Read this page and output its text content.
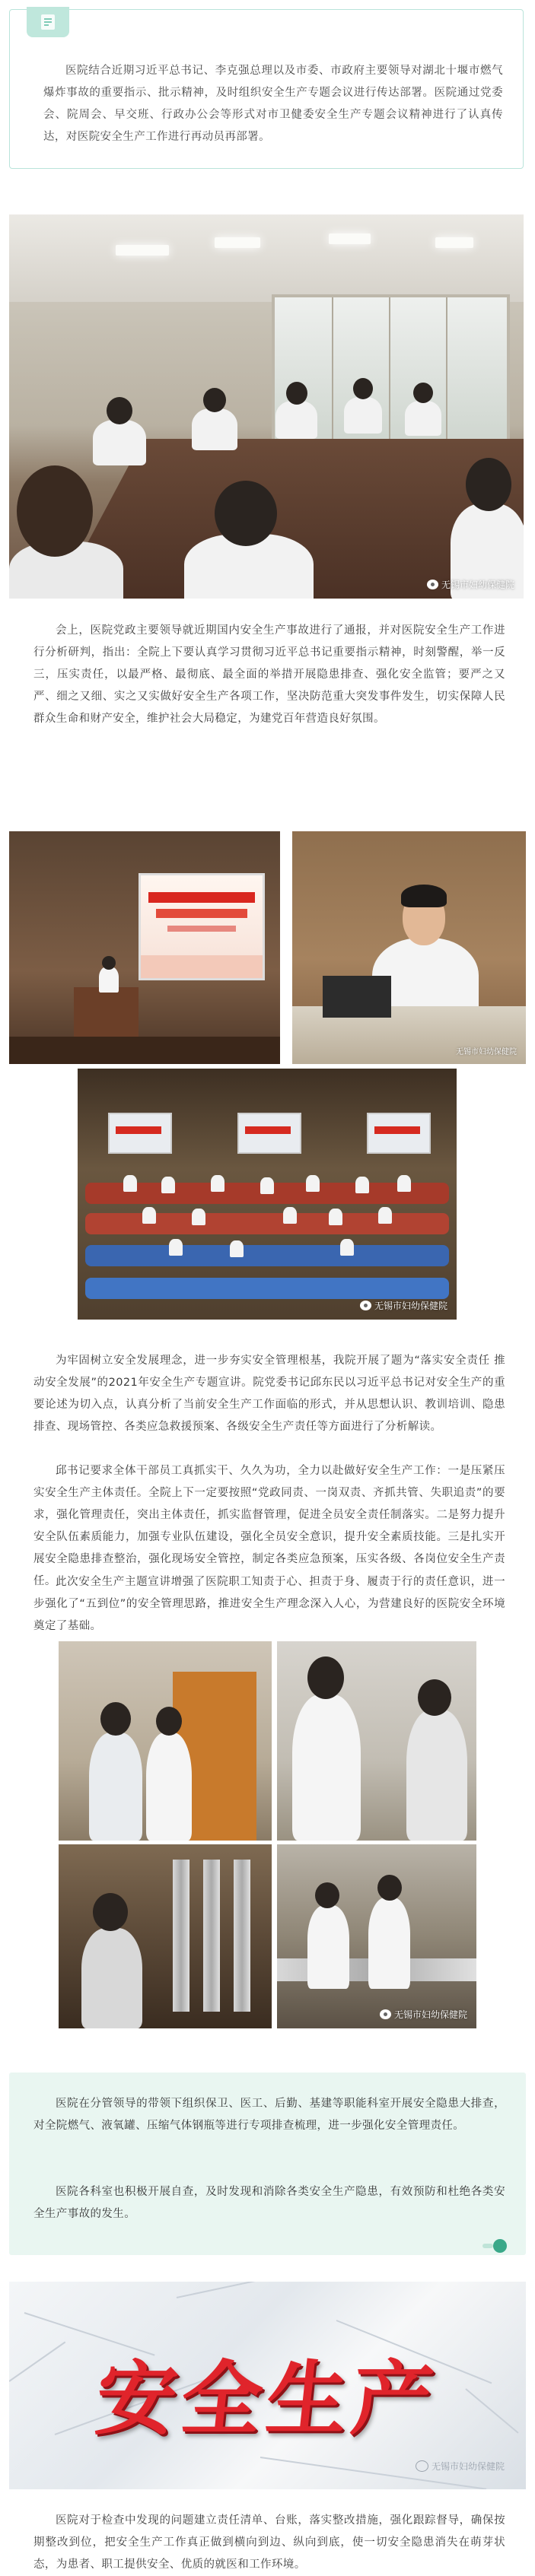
医院结合近期习近平总书记、李克强总理以及市委、市政府主要领导对湖北十堰市燃气爆炸事故的重要指示、批示精神，及时组织安全生产专题会议进行传达部署。医院通过党委会、院周会、早交班、行政办公会等形式对市卫健委安全生产专题会议精神进行了认真传达，对医院安全生产工作进行再动员再部署。
无锡市妇幼保健院
会上，医院党政主要领导就近期国内安全生产事故进行了通报，并对医院安全生产工作进行分析研判，指出：全院上下要认真学习贯彻习近平总书记重要指示精神，时刻警醒，举一反三，压实责任，以最严格、最彻底、最全面的举措开展隐患排查、强化安全监管；要严之又严、细之又细、实之又实做好安全生产各项工作，坚决防范重大突发事件发生，切实保障人民群众生命和财产安全，维护社会大局稳定，为建党百年营造良好氛围。
无锡市妇幼保健院
无锡市妇幼保健院
为牢固树立安全发展理念，进一步夯实安全管理根基，我院开展了题为“落实安全责任 推动安全发展”的2021年安全生产专题宣讲。院党委书记邱东民以习近平总书记对安全生产的重要论述为切入点，认真分析了当前安全生产工作面临的形式，并从思想认识、教训培训、隐患排查、现场管控、各类应急救援预案、各级安全生产责任等方面进行了分析解读。
邱书记要求全体干部员工真抓实干、久久为功，全力以赴做好安全生产工作：一是压紧压实安全生产主体责任。全院上下一定要按照“党政同责、一岗双责、齐抓共管、失职追责”的要求，强化管理责任，突出主体责任，抓实监督管理，促进全员安全责任制落实。二是努力提升安全队伍素质能力，加强专业队伍建设，强化全员安全意识，提升安全素质技能。三是扎实开展安全隐患排查整治，强化现场安全管控，制定各类应急预案，压实各级、各岗位安全生产责任。 此次安全生产主题宣讲增强了医院职工知责于心、担责于身、履责于行的责任意识，进一步强化了“五到位”的安全管理思路，推进安全生产理念深入人心，为营建良好的医院安全环境奠定了基础。
无锡市妇幼保健院
医院在分管领导的带领下组织保卫、医工、后勤、基建等职能科室开展安全隐患大排查，对全院燃气、液氧罐、压缩气体钢瓶等进行专项排查梳理，进一步强化安全管理责任。
医院各科室也积极开展自查，及时发现和消除各类安全生产隐患，有效预防和杜绝各类安全生产事故的发生。
安全生产
无锡市妇幼保健院
医院对于检查中发现的问题建立责任清单、台账，落实整改措施，强化跟踪督导，确保按期整改到位，把安全生产工作真正做到横向到边、纵向到底，使一切安全隐患消失在萌芽状态，为患者、职工提供安全、优质的就医和工作环境。
